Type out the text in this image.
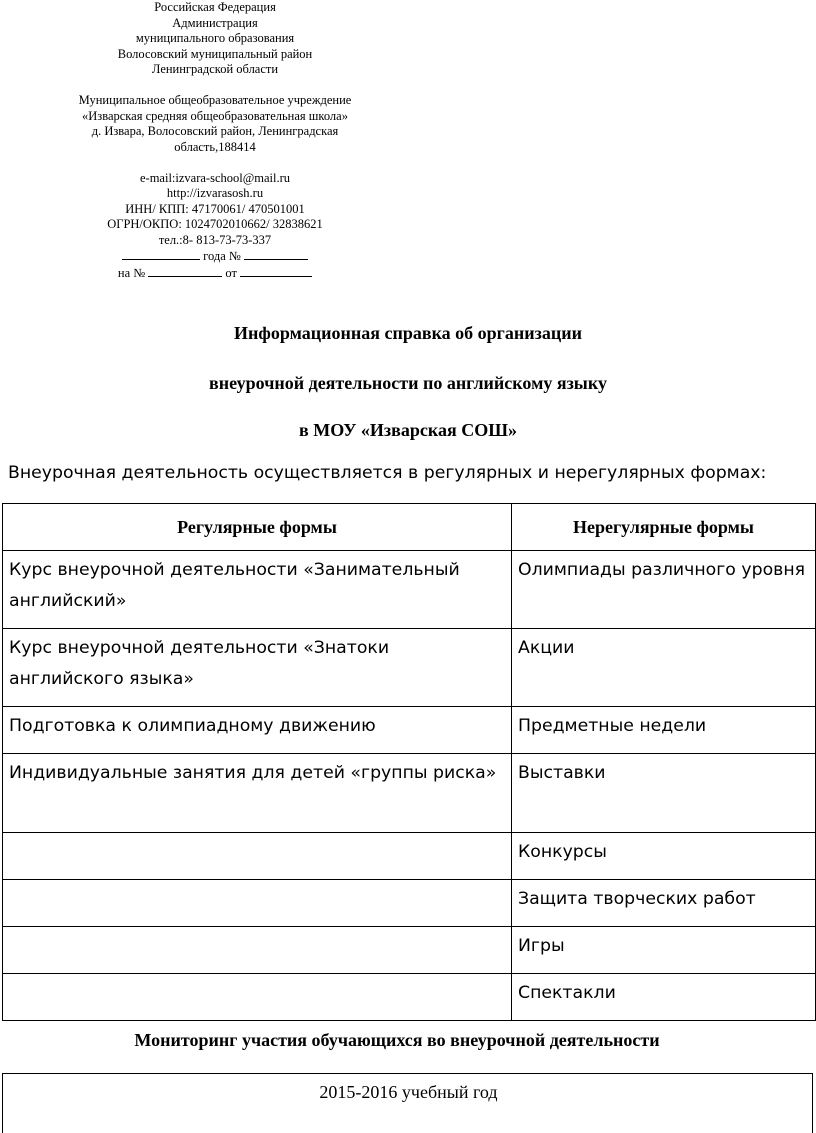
Российская Федерация
Администрация
муниципального образования
Волосовский муниципальный район
Ленинградской области
Муниципальное общеобразовательное учреждение
«Изварская средняя общеобразовательная школа»
д. Извара, Волосовский район, Ленинградская
область,188414
e-mail:izvara-school@mail.ru
http://izvarasosh.ru
ИНН/ КПП: 47170061/ 470501001
ОГРН/ОКПО: 1024702010662/ 32838621
тел.:8- 813-73-73-337
года №
на №	от
Информационная справка об организации
внеурочной деятельности по английскому языку
в МОУ «Изварская СОШ»
Внеурочная деятельность осуществляется в регулярных и нерегулярных формах:
Регулярные формы	Нерегулярные формы

Курс внеурочной деятельности «Занимательный английский»	Олимпиады различного уровня

Курс внеурочной деятельности «Знатоки английского языка»	Акции

Подготовка к олимпиадному движению	Предметные недели

Индивидуальные занятия для детей «группы риска»	Выставки

	Конкурсы

	Защита творческих работ

	Игры

	Спектакли
Мониторинг участия обучающихся во внеурочной деятельности
2015-2016 учебный год
